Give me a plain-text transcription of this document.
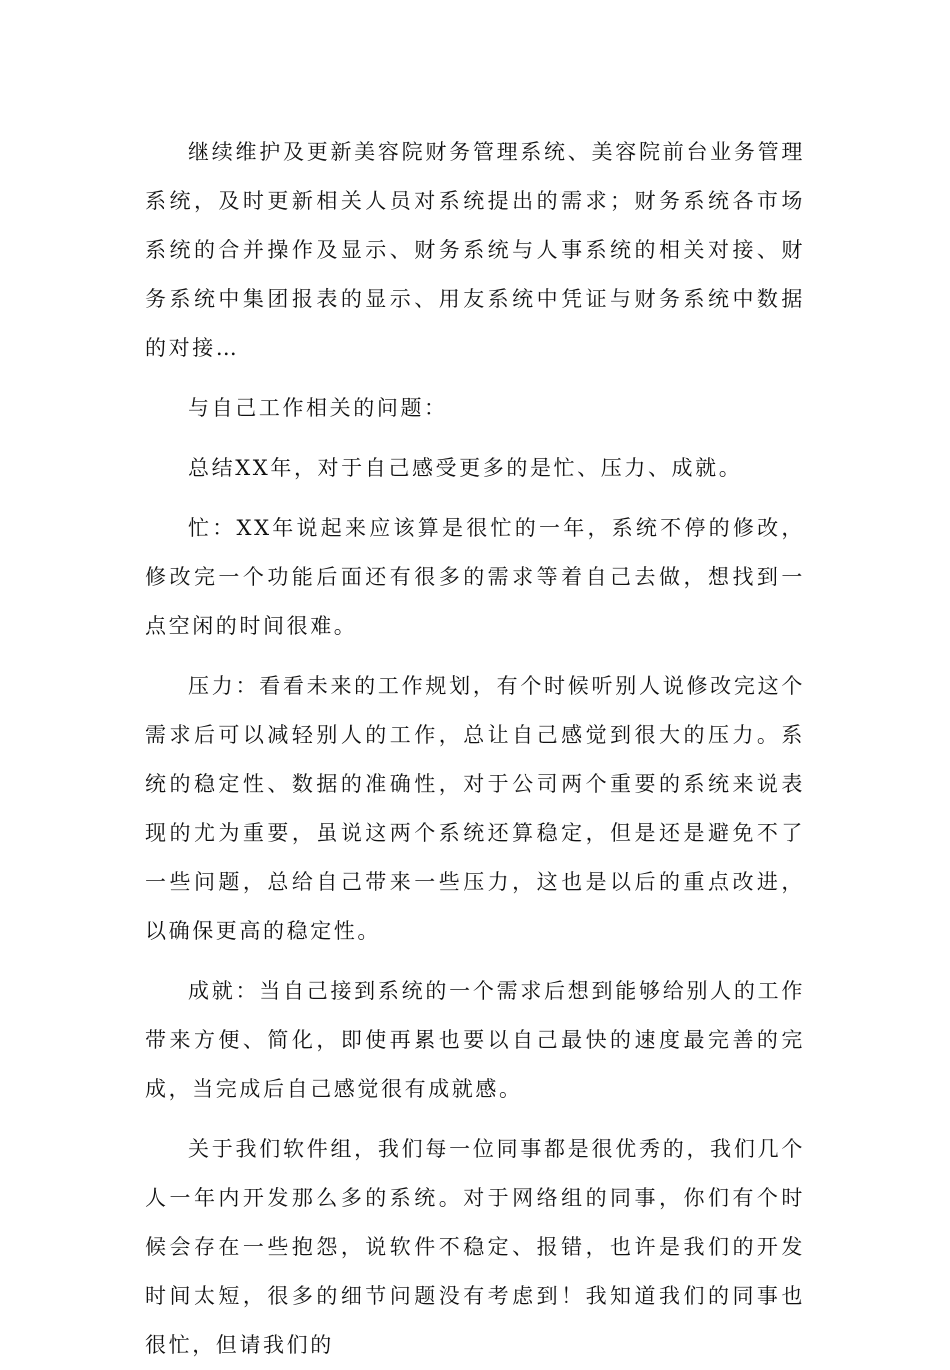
继续维护及更新美容院财务管理系统、美容院前台业务管理系统，及时更新相关人员对系统提出的需求；财务系统各市场系统的合并操作及显示、财务系统与人事系统的相关对接、财务系统中集团报表的显示、用友系统中凭证与财务系统中数据的对接…

与自己工作相关的问题：

总结XX年，对于自己感受更多的是忙、压力、成就。

忙：XX年说起来应该算是很忙的一年，系统不停的修改，修改完一个功能后面还有很多的需求等着自己去做，想找到一点空闲的时间很难。

压力：看看未来的工作规划，有个时候听别人说修改完这个需求后可以减轻别人的工作，总让自己感觉到很大的压力。系统的稳定性、数据的准确性，对于公司两个重要的系统来说表现的尤为重要，虽说这两个系统还算稳定，但是还是避免不了一些问题，总给自己带来一些压力，这也是以后的重点改进，以确保更高的稳定性。

成就：当自己接到系统的一个需求后想到能够给别人的工作带来方便、简化，即使再累也要以自己最快的速度最完善的完成，当完成后自己感觉很有成就感。

关于我们软件组，我们每一位同事都是很优秀的，我们几个人一年内开发那么多的系统。对于网络组的同事，你们有个时候会存在一些抱怨，说软件不稳定、报错，也许是我们的开发时间太短，很多的细节问题没有考虑到！我知道我们的同事也很忙，但请我们的
